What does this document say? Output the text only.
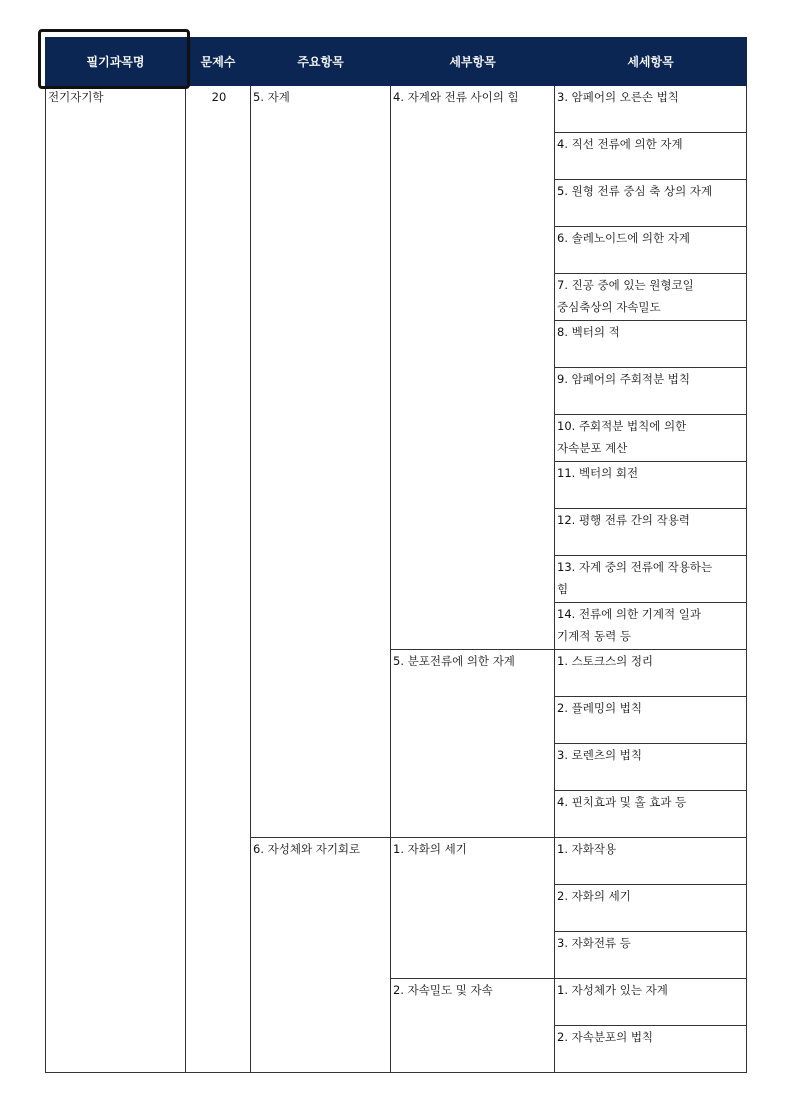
필기과목명	문제수	주요항목	세부항목	세세항목
전기자기학	20	5. 자계	4. 자계와 전류 사이의 힘	3. 암페어의 오른손 법칙
				4. 직선 전류에 의한 자계
				5. 원형 전류 중심 축 상의 자계
				6. 솔레노이드에 의한 자계
				7. 진공 중에 있는 원형코일 중심축상의 자속밀도
				8. 벡터의 적
				9. 암페어의 주회적분 법칙
				10. 주회적분 법칙에 의한 자속분포 계산
				11. 벡터의 회전
				12. 평행 전류 간의 작용력
				13. 자계 중의 전류에 작용하는 힘
				14. 전류에 의한 기계적 일과 기계적 동력 등
			5. 분포전류에 의한 자계	1. 스토크스의 정리
				2. 플레밍의 법칙
				3. 로렌츠의 법칙
				4. 핀치효과 및 홀 효과 등
		6. 자성체와 자기회로	1. 자화의 세기	1. 자화작용
				2. 자화의 세기
				3. 자화전류 등
			2. 자속밀도 및 자속	1. 자성체가 있는 자계
				2. 자속분포의 법칙
